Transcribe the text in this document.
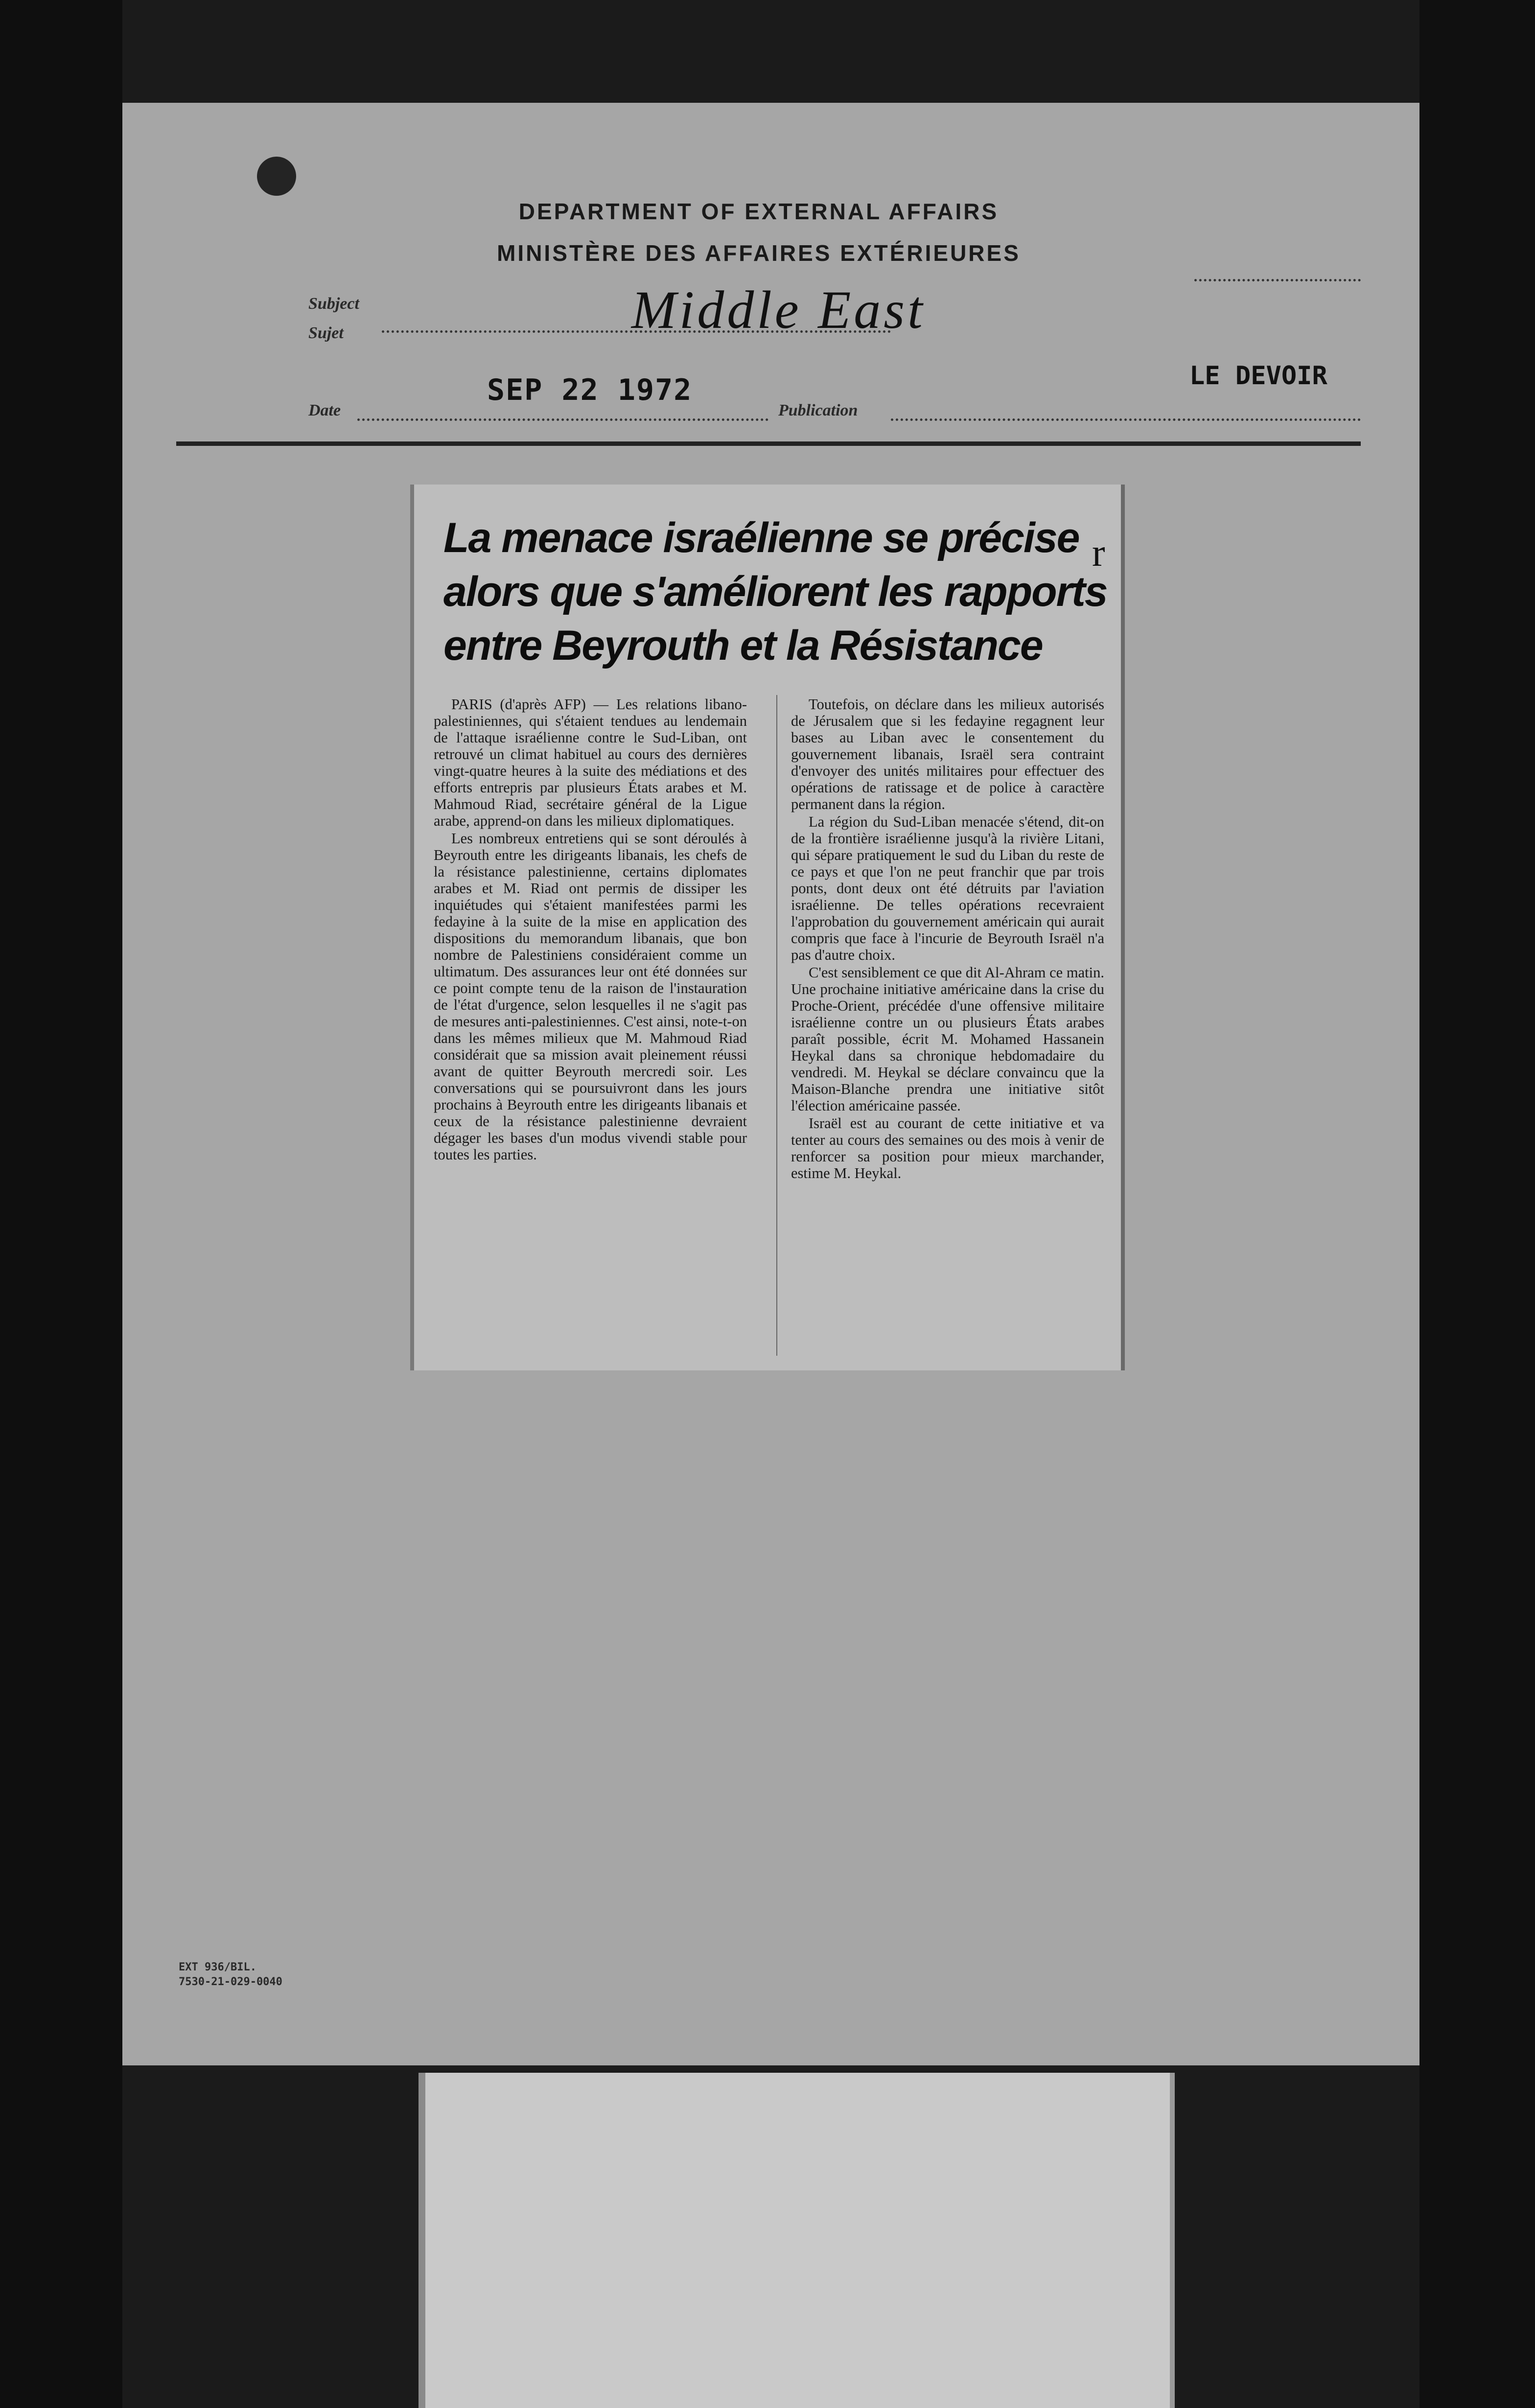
DEPARTMENT OF EXTERNAL AFFAIRS
MINISTÈRE DES AFFAIRES EXTÉRIEURES
Subject
Sujet	Middle East
Date
SEP 22 1972
Publication
LE DEVOIR
La menace israélienne se précise
alors que s'améliorent les rapports
entre Beyrouth et la Résistance
r

PARIS (d'après AFP) — Les relations libano-palestiniennes, qui s'étaient tendues au lendemain de l'attaque israélienne contre le Sud-Liban, ont retrouvé un climat habituel au cours des dernières vingt-quatre heures à la suite des médiations et des efforts entrepris par plusieurs États arabes et M. Mahmoud Riad, secrétaire général de la Ligue arabe, apprend-on dans les milieux diplomatiques.

Les nombreux entretiens qui se sont déroulés à Beyrouth entre les dirigeants libanais, les chefs de la résistance palestinienne, certains diplomates arabes et M. Riad ont permis de dissiper les inquiétudes qui s'étaient manifestées parmi les fedayine à la suite de la mise en application des dispositions du memorandum libanais, que bon nombre de Palestiniens considéraient comme un ultimatum. Des assurances leur ont été données sur ce point compte tenu de la raison de l'instauration de l'état d'urgence, selon lesquelles il ne s'agit pas de mesures anti-palestiniennes. C'est ainsi, note-t-on dans les mêmes milieux que M. Mahmoud Riad considérait que sa mission avait pleinement réussi avant de quitter Beyrouth mercredi soir. Les conversations qui se poursuivront dans les jours prochains à Beyrouth entre les dirigeants libanais et ceux de la résistance palestinienne devraient dégager les bases d'un modus vivendi stable pour toutes les parties.

Toutefois, on déclare dans les milieux autorisés de Jérusalem que si les fedayine regagnent leur bases au Liban avec le consentement du gouvernement libanais, Israël sera contraint d'envoyer des unités militaires pour effectuer des opérations de ratissage et de police à caractère permanent dans la région.

La région du Sud-Liban menacée s'étend, dit-on de la frontière israélienne jusqu'à la rivière Litani, qui sépare pratiquement le sud du Liban du reste de ce pays et que l'on ne peut franchir que par trois ponts, dont deux ont été détruits par l'aviation israélienne. De telles opérations recevraient l'approbation du gouvernement américain qui aurait compris que face à l'incurie de Beyrouth Israël n'a pas d'autre choix.

C'est sensiblement ce que dit Al-Ahram ce matin. Une prochaine initiative américaine dans la crise du Proche-Orient, précédée d'une offensive militaire israélienne contre un ou plusieurs États arabes paraît possible, écrit M. Mohamed Hassanein Heykal dans sa chronique hebdomadaire du vendredi. M. Heykal se déclare convaincu que la Maison-Blanche prendra une initiative sitôt l'élection américaine passée.

Israël est au courant de cette initiative et va tenter au cours des semaines ou des mois à venir de renforcer sa position pour mieux marchander, estime M. Heykal.

EXT 936/BIL.
7530-21-029-0040
